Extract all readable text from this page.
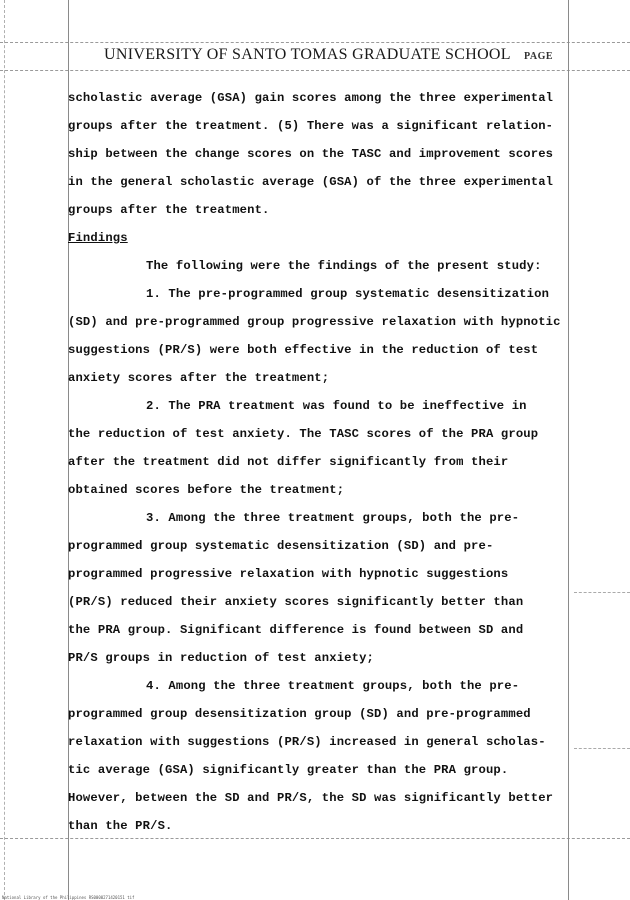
UNIVERSITY OF SANTO TOMAS GRADUATE SCHOOL	PAGE
scholastic average (GSA) gain scores among the three experimental
groups after the treatment. (5) There was a significant relation-
ship between the change scores on the TASC and improvement scores
in the general scholastic average (GSA) of the three experimental
groups after the treatment.
Findings
The following were the findings of the present study:
1. The pre-programmed group systematic desensitization
(SD) and pre-programmed group progressive relaxation with hypnotic
suggestions (PR/S) were both effective in the reduction of test
anxiety scores after the treatment;
2. The PRA treatment was found to be ineffective in
the reduction of test anxiety. The TASC scores of the PRA group
after the treatment did not differ significantly from their
obtained scores before the treatment;
3. Among the three treatment groups, both the pre-
programmed group systematic desensitization (SD) and pre-
programmed progressive relaxation with hypnotic suggestions
(PR/S) reduced their anxiety scores significantly better than
the PRA group. Significant difference is found between SD and
PR/S groups in reduction of test anxiety;
4. Among the three treatment groups, both the pre-
programmed group desensitization group (SD) and pre-programmed
relaxation with suggestions (PR/S) increased in general scholas-
tic average (GSA) significantly greater than the PRA group.
However, between the SD and PR/S, the SD was significantly better
than the PR/S.
National Library of the Philippines RS0000271420151 tif
